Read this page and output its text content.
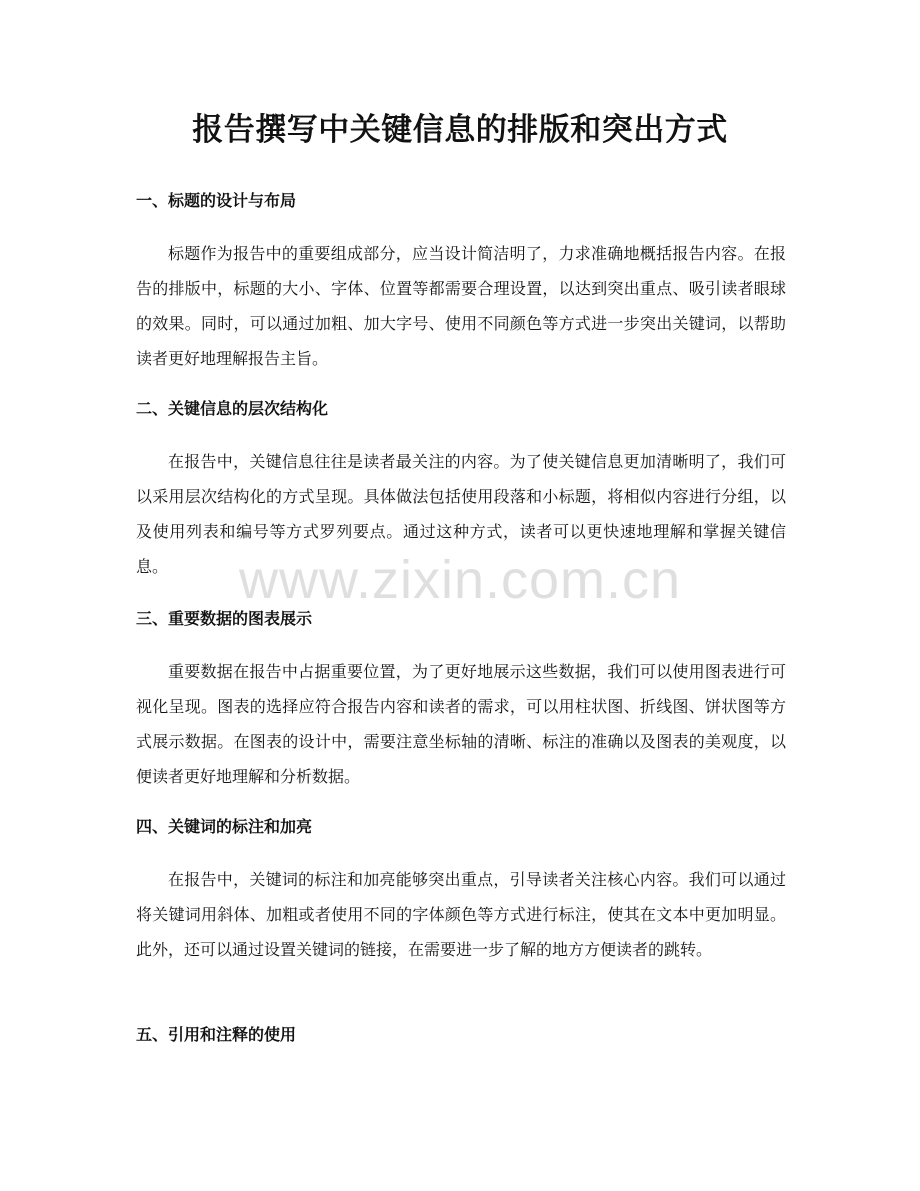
报告撰写中关键信息的排版和突出方式
一、标题的设计与布局

标题作为报告中的重要组成部分，应当设计简洁明了，力求准确地概括报告内容。在报告的排版中，标题的大小、字体、位置等都需要合理设置，以达到突出重点、吸引读者眼球的效果。同时，可以通过加粗、加大字号、使用不同颜色等方式进一步突出关键词，以帮助读者更好地理解报告主旨。

二、关键信息的层次结构化

在报告中，关键信息往往是读者最关注的内容。为了使关键信息更加清晰明了，我们可以采用层次结构化的方式呈现。具体做法包括使用段落和小标题，将相似内容进行分组，以及使用列表和编号等方式罗列要点。通过这种方式，读者可以更快速地理解和掌握关键信息。

三、重要数据的图表展示

重要数据在报告中占据重要位置，为了更好地展示这些数据，我们可以使用图表进行可视化呈现。图表的选择应符合报告内容和读者的需求，可以用柱状图、折线图、饼状图等方式展示数据。在图表的设计中，需要注意坐标轴的清晰、标注的准确以及图表的美观度，以便读者更好地理解和分析数据。

四、关键词的标注和加亮

在报告中，关键词的标注和加亮能够突出重点，引导读者关注核心内容。我们可以通过将关键词用斜体、加粗或者使用不同的字体颜色等方式进行标注，使其在文本中更加明显。此外，还可以通过设置关键词的链接，在需要进一步了解的地方方便读者的跳转。

五、引用和注释的使用
www.zixin.com.cn
